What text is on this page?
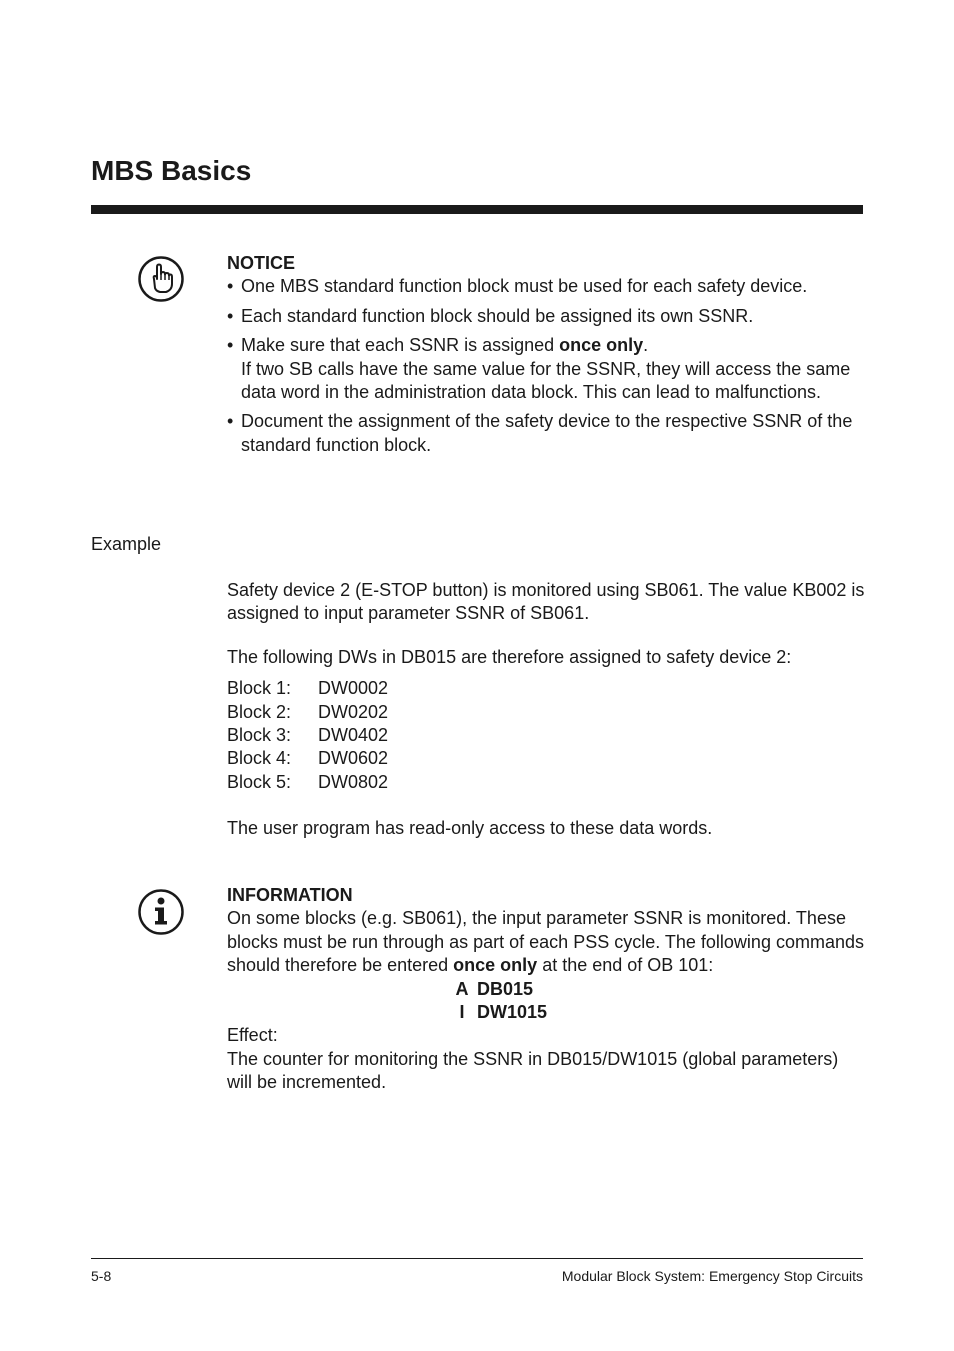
MBS Basics
NOTICE
• One MBS standard function block must be used for each safety device.
• Each standard function block should be assigned its own SSNR.
• Make sure that each SSNR is assigned once only.
If two SB calls have the same value for the SSNR, they will access the same data word in the administration data block. This can lead to malfunctions.
• Document the assignment of the safety device to the respective SSNR of the standard function block.
Example

Safety device 2 (E-STOP button) is monitored using SB061. The value KB002 is assigned to input parameter SSNR of SB061.

The following DWs in DB015 are therefore assigned to safety device 2:

Block 1:	DW0002
Block 2:	DW0202
Block 3:	DW0402
Block 4:	DW0602
Block 5:	DW0802

The user program has read-only access to these data words.

INFORMATION

On some blocks (e.g. SB061), the input parameter SSNR is monitored. These blocks must be run through as part of each PSS cycle. The following commands should therefore be entered once only at the end of OB 101:

A DB015
I DW1015
Effect:
The counter for monitoring the SSNR in DB015/DW1015 (global parameters) will be incremented.
5-8	Modular Block System: Emergency Stop Circuits
